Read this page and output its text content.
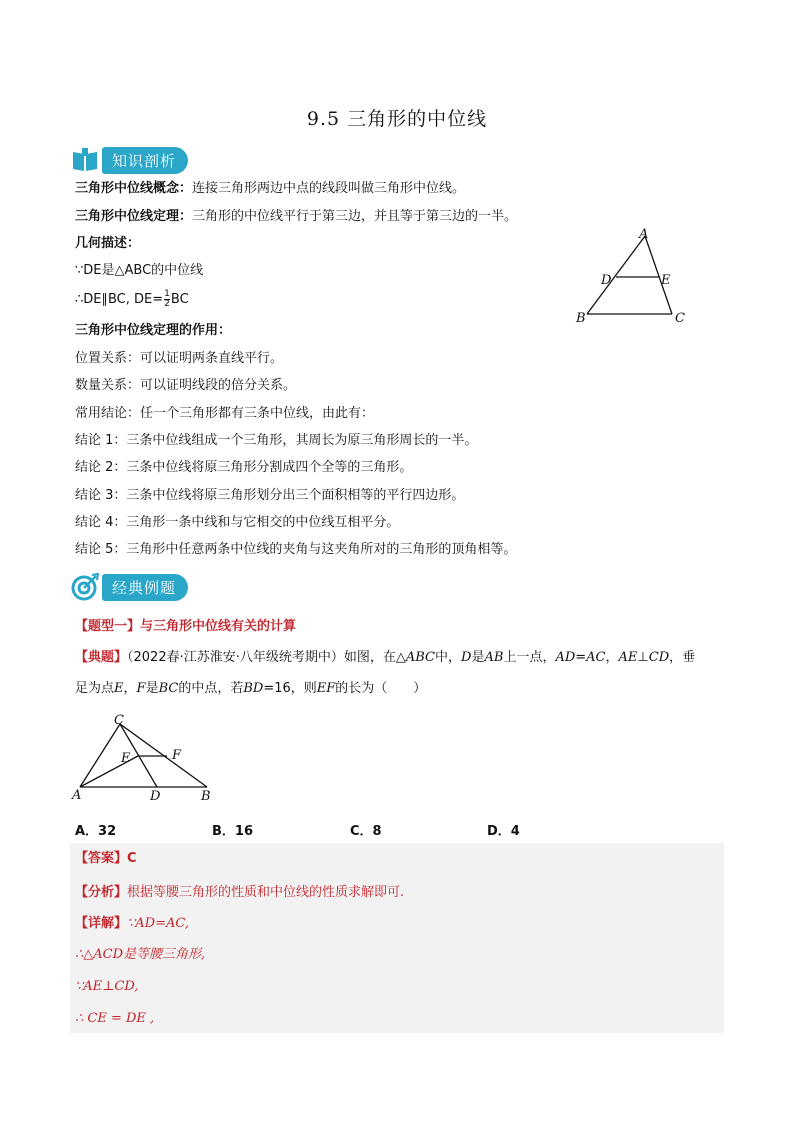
9.5 三角形的中位线
知识剖析
三角形中位线概念：连接三角形两边中点的线段叫做三角形中位线。
三角形中位线定理：三角形的中位线平行于第三边，并且等于第三边的一半。
几何描述：
∵DE是△ABC的中位线
∴DE∥BC, $DE= \frac{1}{2}$ BC
三角形中位线定理的作用：
位置关系：可以证明两条直线平行。
数量关系：可以证明线段的倍分关系。
常用结论：任一个三角形都有三条中位线，由此有：
结论 1：三条中位线组成一个三角形，其周长为原三角形周长的一半。
结论 2：三条中位线将原三角形分割成四个全等的三角形。
结论 3：三条中位线将原三角形划分出三个面积相等的平行四边形。
结论 4：三角形一条中线和与它相交的中位线互相平分。
结论 5：三角形中任意两条中位线的夹角与这夹角所对的三角形的顶角相等。
A
D	E
B	C
经典例题
【题型一】与三角形中位线有关的计算
【典题】（2022春·江苏淮安·八年级统考期中）如图，在△ABC中，D是AB上一点，AD=AC，AE⊥CD，垂
足为点E，F是BC的中点，若BD=16，则EF的长为（　　）
C
E	F
A	D	B
A．32	B．16	C．8	D．4
【答案】C
【分析】根据等腰三角形的性质和中位线的性质求解即可.
【详解】∵AD=AC,
∴△ACD是等腰三角形,
∵AE⊥CD,
∴ CE = DE ,
